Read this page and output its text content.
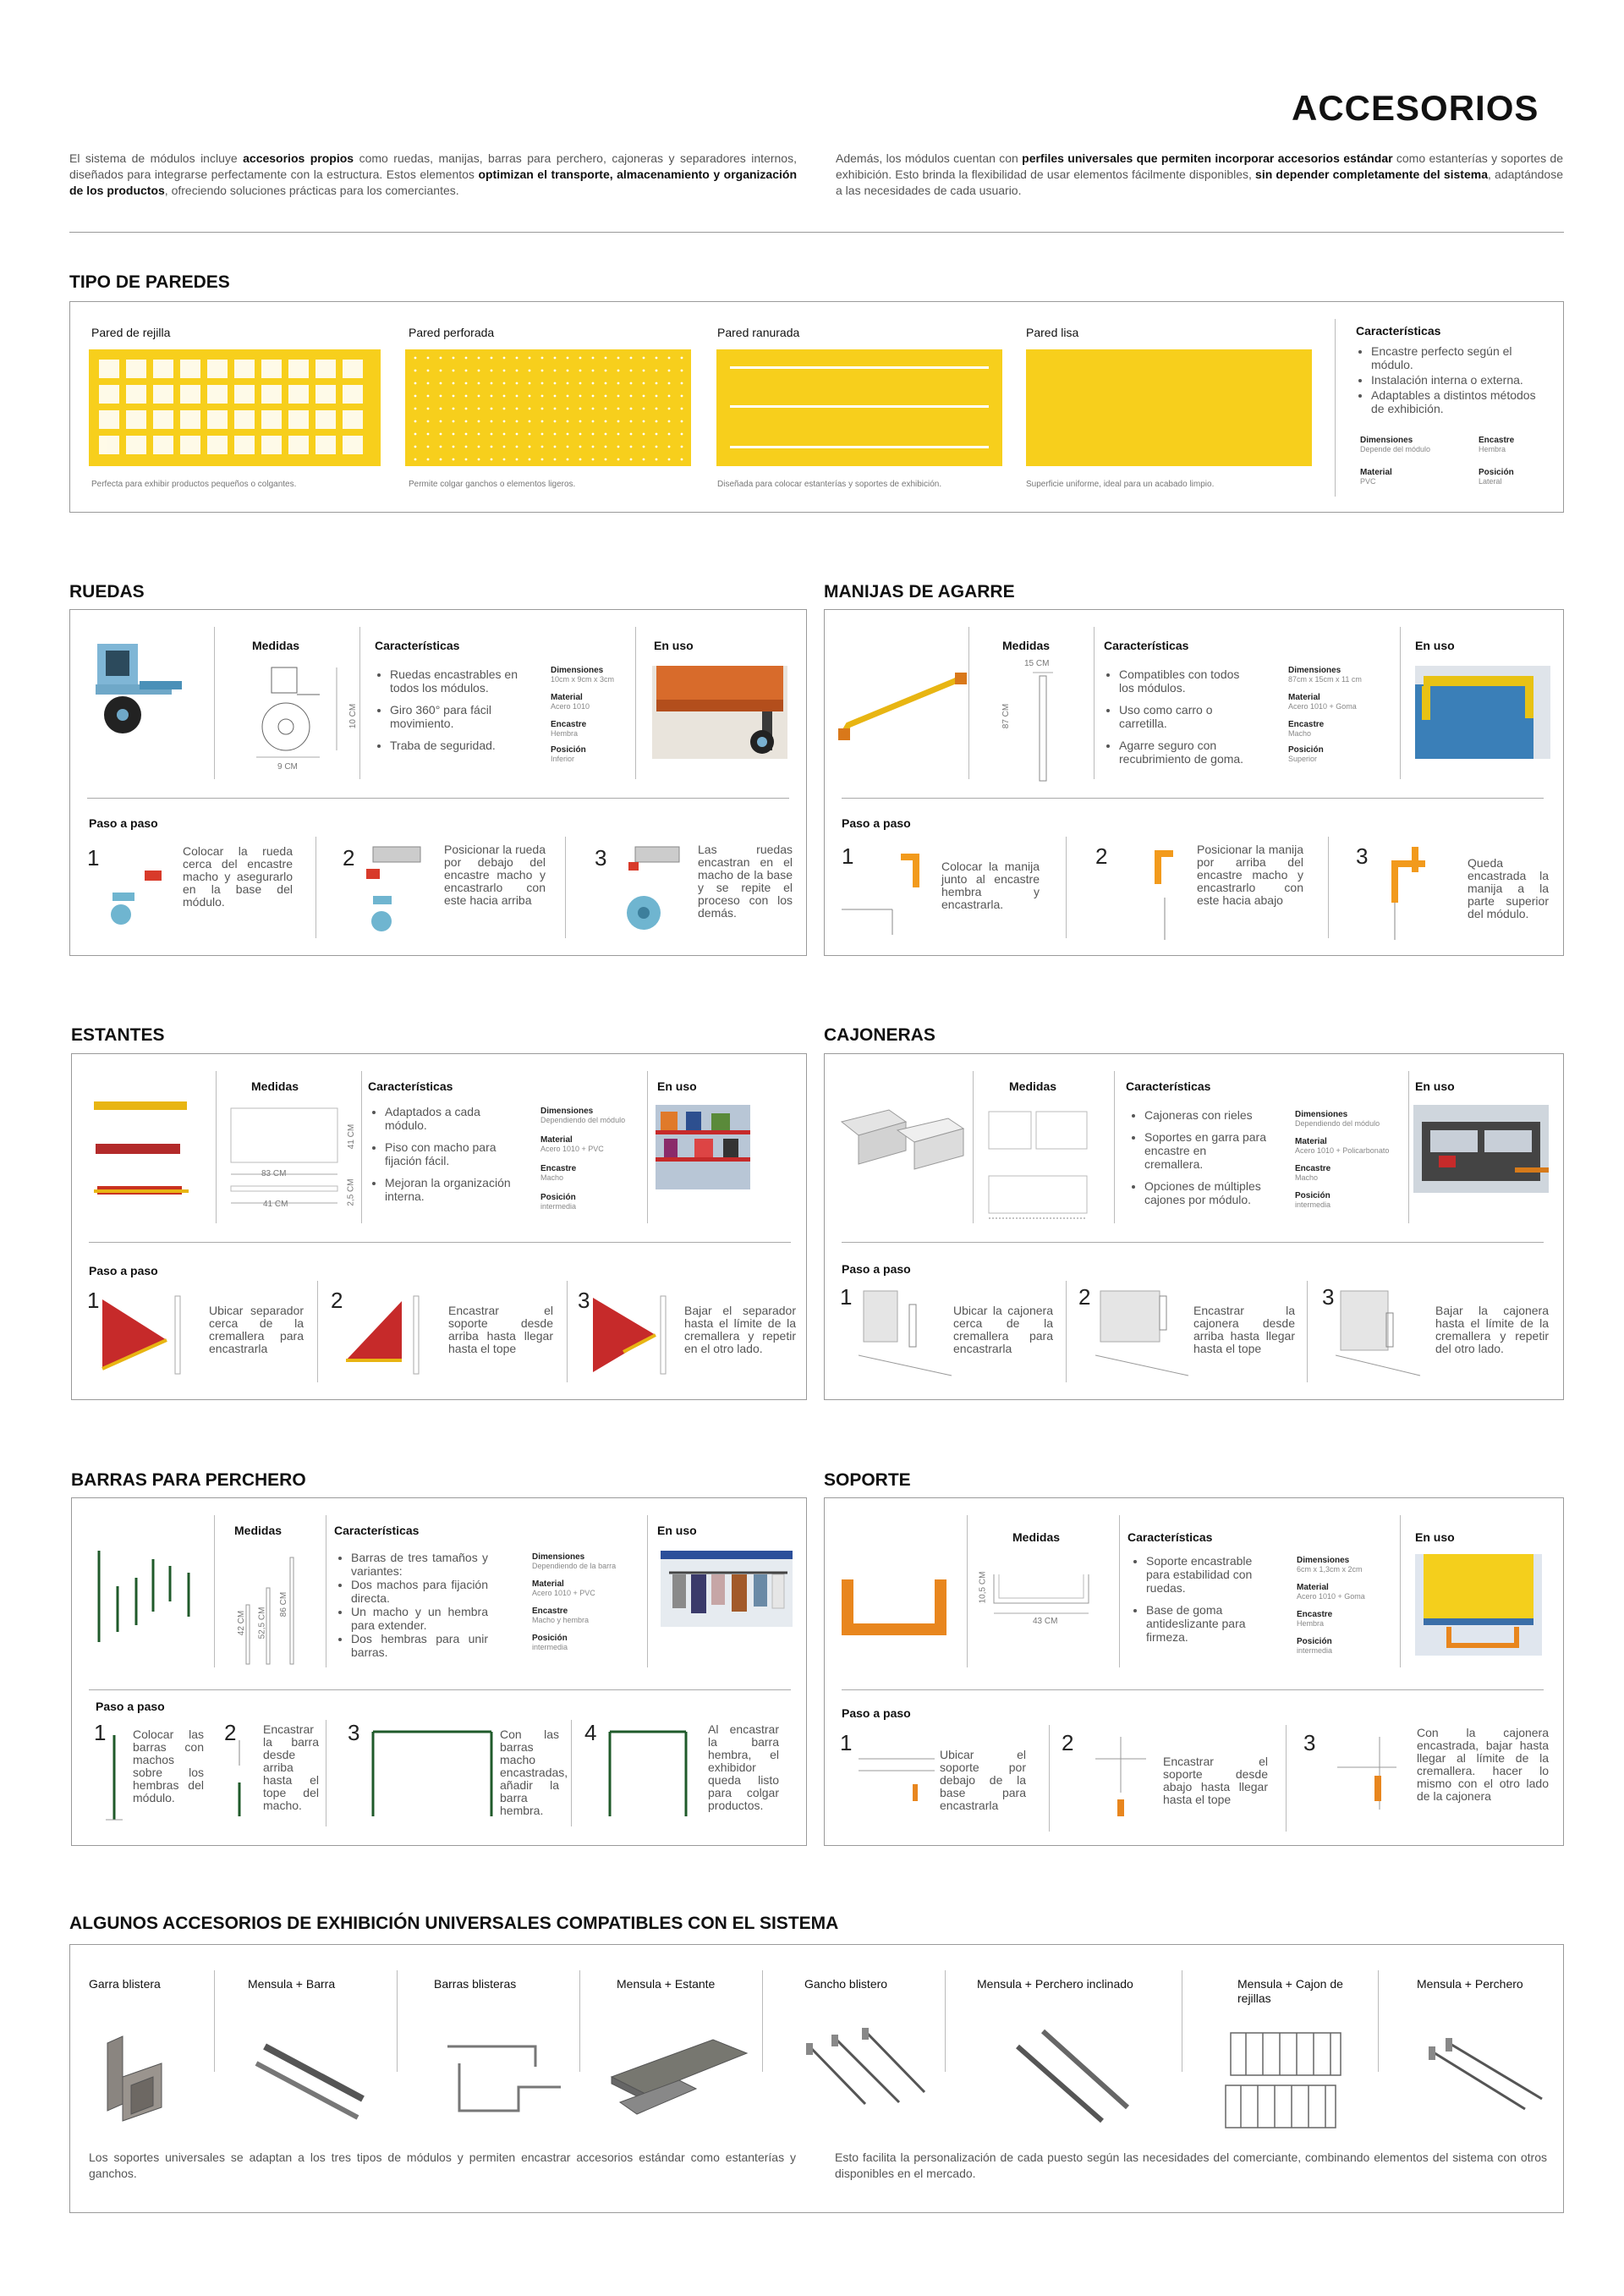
ACCESORIOS
El sistema de módulos incluye accesorios propios como ruedas, manijas, barras para perchero, cajoneras y separadores internos, diseñados para integrarse perfectamente con la estructura. Estos elementos optimizan el transporte, almacenamiento y organización de los productos, ofreciendo soluciones prácticas para los comerciantes.
Además, los módulos cuentan con perfiles universales que permiten incorporar accesorios estándar como estanterías y soportes de exhibición. Esto brinda la flexibilidad de usar elementos fácilmente disponibles, sin depender completamente del sistema, adaptándose a las necesidades de cada usuario.
TIPO DE PAREDES
Pared de rejilla	Pared perforada	Pared ranurada	Pared lisa
Perfecta para exhibir productos pequeños o colgantes.	Permite colgar ganchos o elementos ligeros.	Diseñada para colocar estanterías y soportes de exhibición.	Superficie uniforme, ideal para un acabado limpio.
Características
• Encastre perfecto según el módulo.
• Instalación interna o externa.
• Adaptables a distintos métodos de exhibición.
Dimensiones
Depende del módulo
Encastre
Hembra
Material
PVC
Posición
Lateral
RUEDAS
Medidas
10 CM
9 CM
Características
• Ruedas encastrables en todos los módulos.
• Giro 360° para fácil movimiento.
• Traba de seguridad.
Dimensiones
10cm x 9cm x 3cm
Material
Acero 1010
Encastre
Hembra
Posición
Inferior
En uso
Paso a paso
1	Colocar la rueda cerca del encastre macho y asegurarlo en la base del módulo.
2	Posicionar la rueda por debajo del encastre macho y encastrarlo con este hacia arriba
3	Las ruedas encastran en el macho de la base y se repite el proceso con los demás.
MANIJAS DE AGARRE
Medidas
15 CM
87 CM
Características
• Compatibles con todos los módulos.
• Uso como carro o carretilla.
• Agarre seguro con recubrimiento de goma.
Dimensiones
87cm x 15cm x 11 cm
Material
Acero 1010 + Goma
Encastre
Macho
Posición
Superior
En uso
Paso a paso
1	Colocar la manija junto al encastre hembra y encastrarla.
2	Posicionar la manija por arriba del encastre macho y encastrarlo con este hacia abajo
3	Queda encastrada la manija a la parte superior del módulo.
ESTANTES
Medidas
41 CM
83 CM
41 CM	2,5 CM
Características
• Adaptados a cada módulo.
• Piso con macho para fijación fácil.
• Mejoran la organización interna.
Dimensiones
Dependiendo del módulo
Material
Acero 1010 + PVC
Encastre
Macho
Posición
intermedia
En uso
Paso a paso
1	Ubicar separador cerca de la cremallera para encastrarla
2	Encastrar el soporte desde arriba hasta llegar hasta el tope
3	Bajar el separador hasta el límite de la cremallera y repetir en el otro lado.
CAJONERAS
Medidas	Características
• Cajoneras con rieles
• Soportes en garra para encastre en cremallera.
• Opciones de múltiples cajones por módulo.
Dimensiones
Dependiendo del módulo
Material
Acero 1010 + Policarbonato
Encastre
Macho
Posición
intermedia
En uso
Paso a paso
1
Ubicar la cajonera cerca de la cremallera para encastrarla
2
Encastrar la cajonera desde arriba hasta llegar hasta el tope
3
Bajar la cajonera hasta el límite de la cremallera y repetir del otro lado.
BARRAS PARA PERCHERO
Medidas
42 CM 52,5 CM
86 CM
Características
• Barras de tres tamaños y variantes:
• Dos machos para fijación directa.
• Un macho y un hembra para extender.
• Dos hembras para unir barras.
Dimensiones
Dependiendo de la barra
Material
Acero 1010 + PVC
Encastre
Macho y hembra
Posición
intermedia
En uso
Paso a paso
1 Colocar las barras con machos sobre los hembras del módulo.
2 Encastrar la barra desde arriba hasta el tope del macho.
3	Con las barras macho encastradas, añadir la barra hembra.
4	Al encastrar la barra hembra, el exhibidor queda listo para colgar productos.
SOPORTE
Medidas
10,5 CM
43 CM
Características
• Soporte encastrable para estabilidad con ruedas.
• Base de goma antideslizante para firmeza.
Dimensiones
6cm x 1,3cm x 2cm
Material
Acero 1010 + Goma
Encastre
Hembra
Posición
intermedia
En uso
Paso a paso
1	Ubicar el soporte por debajo de la base para encastrarla
2
Encastrar el soporte desde abajo hasta llegar hasta el tope
3	Con la cajonera encastrada, bajar hasta llegar al límite de la cremallera. hacer lo mismo con el otro lado de la cajonera
ALGUNOS ACCESORIOS DE EXHIBICIÓN UNIVERSALES COMPATIBLES CON EL SISTEMA
Garra blistera	Mensula + Barra	Barras blisteras	Mensula + Estante	Gancho blistero	Mensula + Perchero inclinado	Mensula + Cajon de rejillas
Mensula + Perchero
Los soportes universales se adaptan a los tres tipos de módulos y permiten encastrar accesorios estándar como estanterías y ganchos.
Esto facilita la personalización de cada puesto según las necesidades del comerciante, combinando elementos del sistema con otros disponibles en el mercado.
